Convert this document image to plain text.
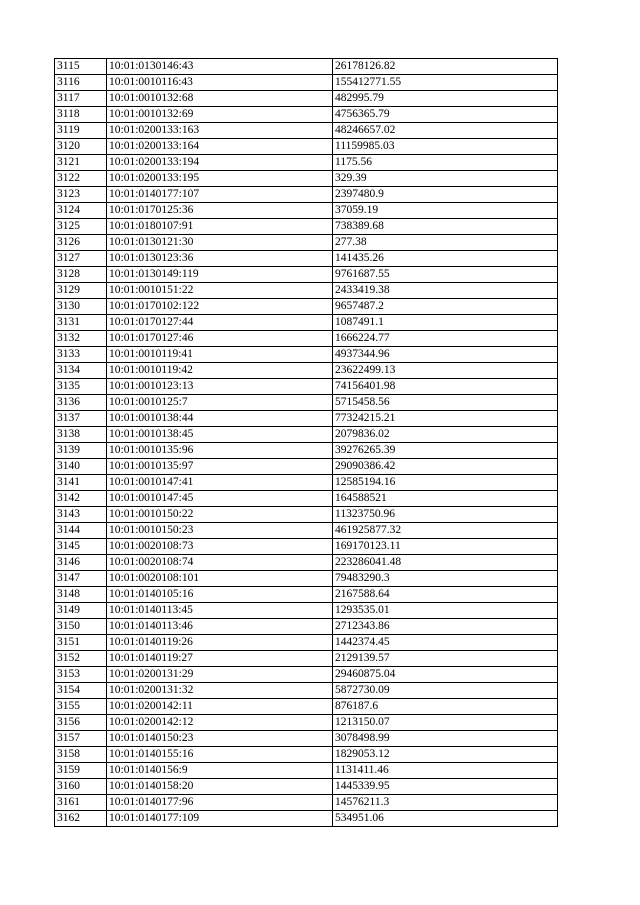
3115	10:01:0130146:43	26178126.82
3116	10:01:0010116:43	155412771.55
3117	10:01:0010132:68	482995.79
3118	10:01:0010132:69	4756365.79
3119	10:01:0200133:163	48246657.02
3120	10:01:0200133:164	11159985.03
3121	10:01:0200133:194	1175.56
3122	10:01:0200133:195	329.39
3123	10:01:0140177:107	2397480.9
3124	10:01:0170125:36	37059.19
3125	10:01:0180107:91	738389.68
3126	10:01:0130121:30	277.38
3127	10:01:0130123:36	141435.26
3128	10:01:0130149:119	9761687.55
3129	10:01:0010151:22	2433419.38
3130	10:01:0170102:122	9657487.2
3131	10:01:0170127:44	1087491.1
3132	10:01:0170127:46	1666224.77
3133	10:01:0010119:41	4937344.96
3134	10:01:0010119:42	23622499.13
3135	10:01:0010123:13	74156401.98
3136	10:01:0010125:7	5715458.56
3137	10:01:0010138:44	77324215.21
3138	10:01:0010138:45	2079836.02
3139	10:01:0010135:96	39276265.39
3140	10:01:0010135:97	29090386.42
3141	10:01:0010147:41	12585194.16
3142	10:01:0010147:45	164588521
3143	10:01:0010150:22	11323750.96
3144	10:01:0010150:23	461925877.32
3145	10:01:0020108:73	169170123.11
3146	10:01:0020108:74	223286041.48
3147	10:01:0020108:101	79483290.3
3148	10:01:0140105:16	2167588.64
3149	10:01:0140113:45	1293535.01
3150	10:01:0140113:46	2712343.86
3151	10:01:0140119:26	1442374.45
3152	10:01:0140119:27	2129139.57
3153	10:01:0200131:29	29460875.04
3154	10:01:0200131:32	5872730.09
3155	10:01:0200142:11	876187.6
3156	10:01:0200142:12	1213150.07
3157	10:01:0140150:23	3078498.99
3158	10:01:0140155:16	1829053.12
3159	10:01:0140156:9	1131411.46
3160	10:01:0140158:20	1445339.95
3161	10:01:0140177:96	14576211.3
3162	10:01:0140177:109	534951.06
